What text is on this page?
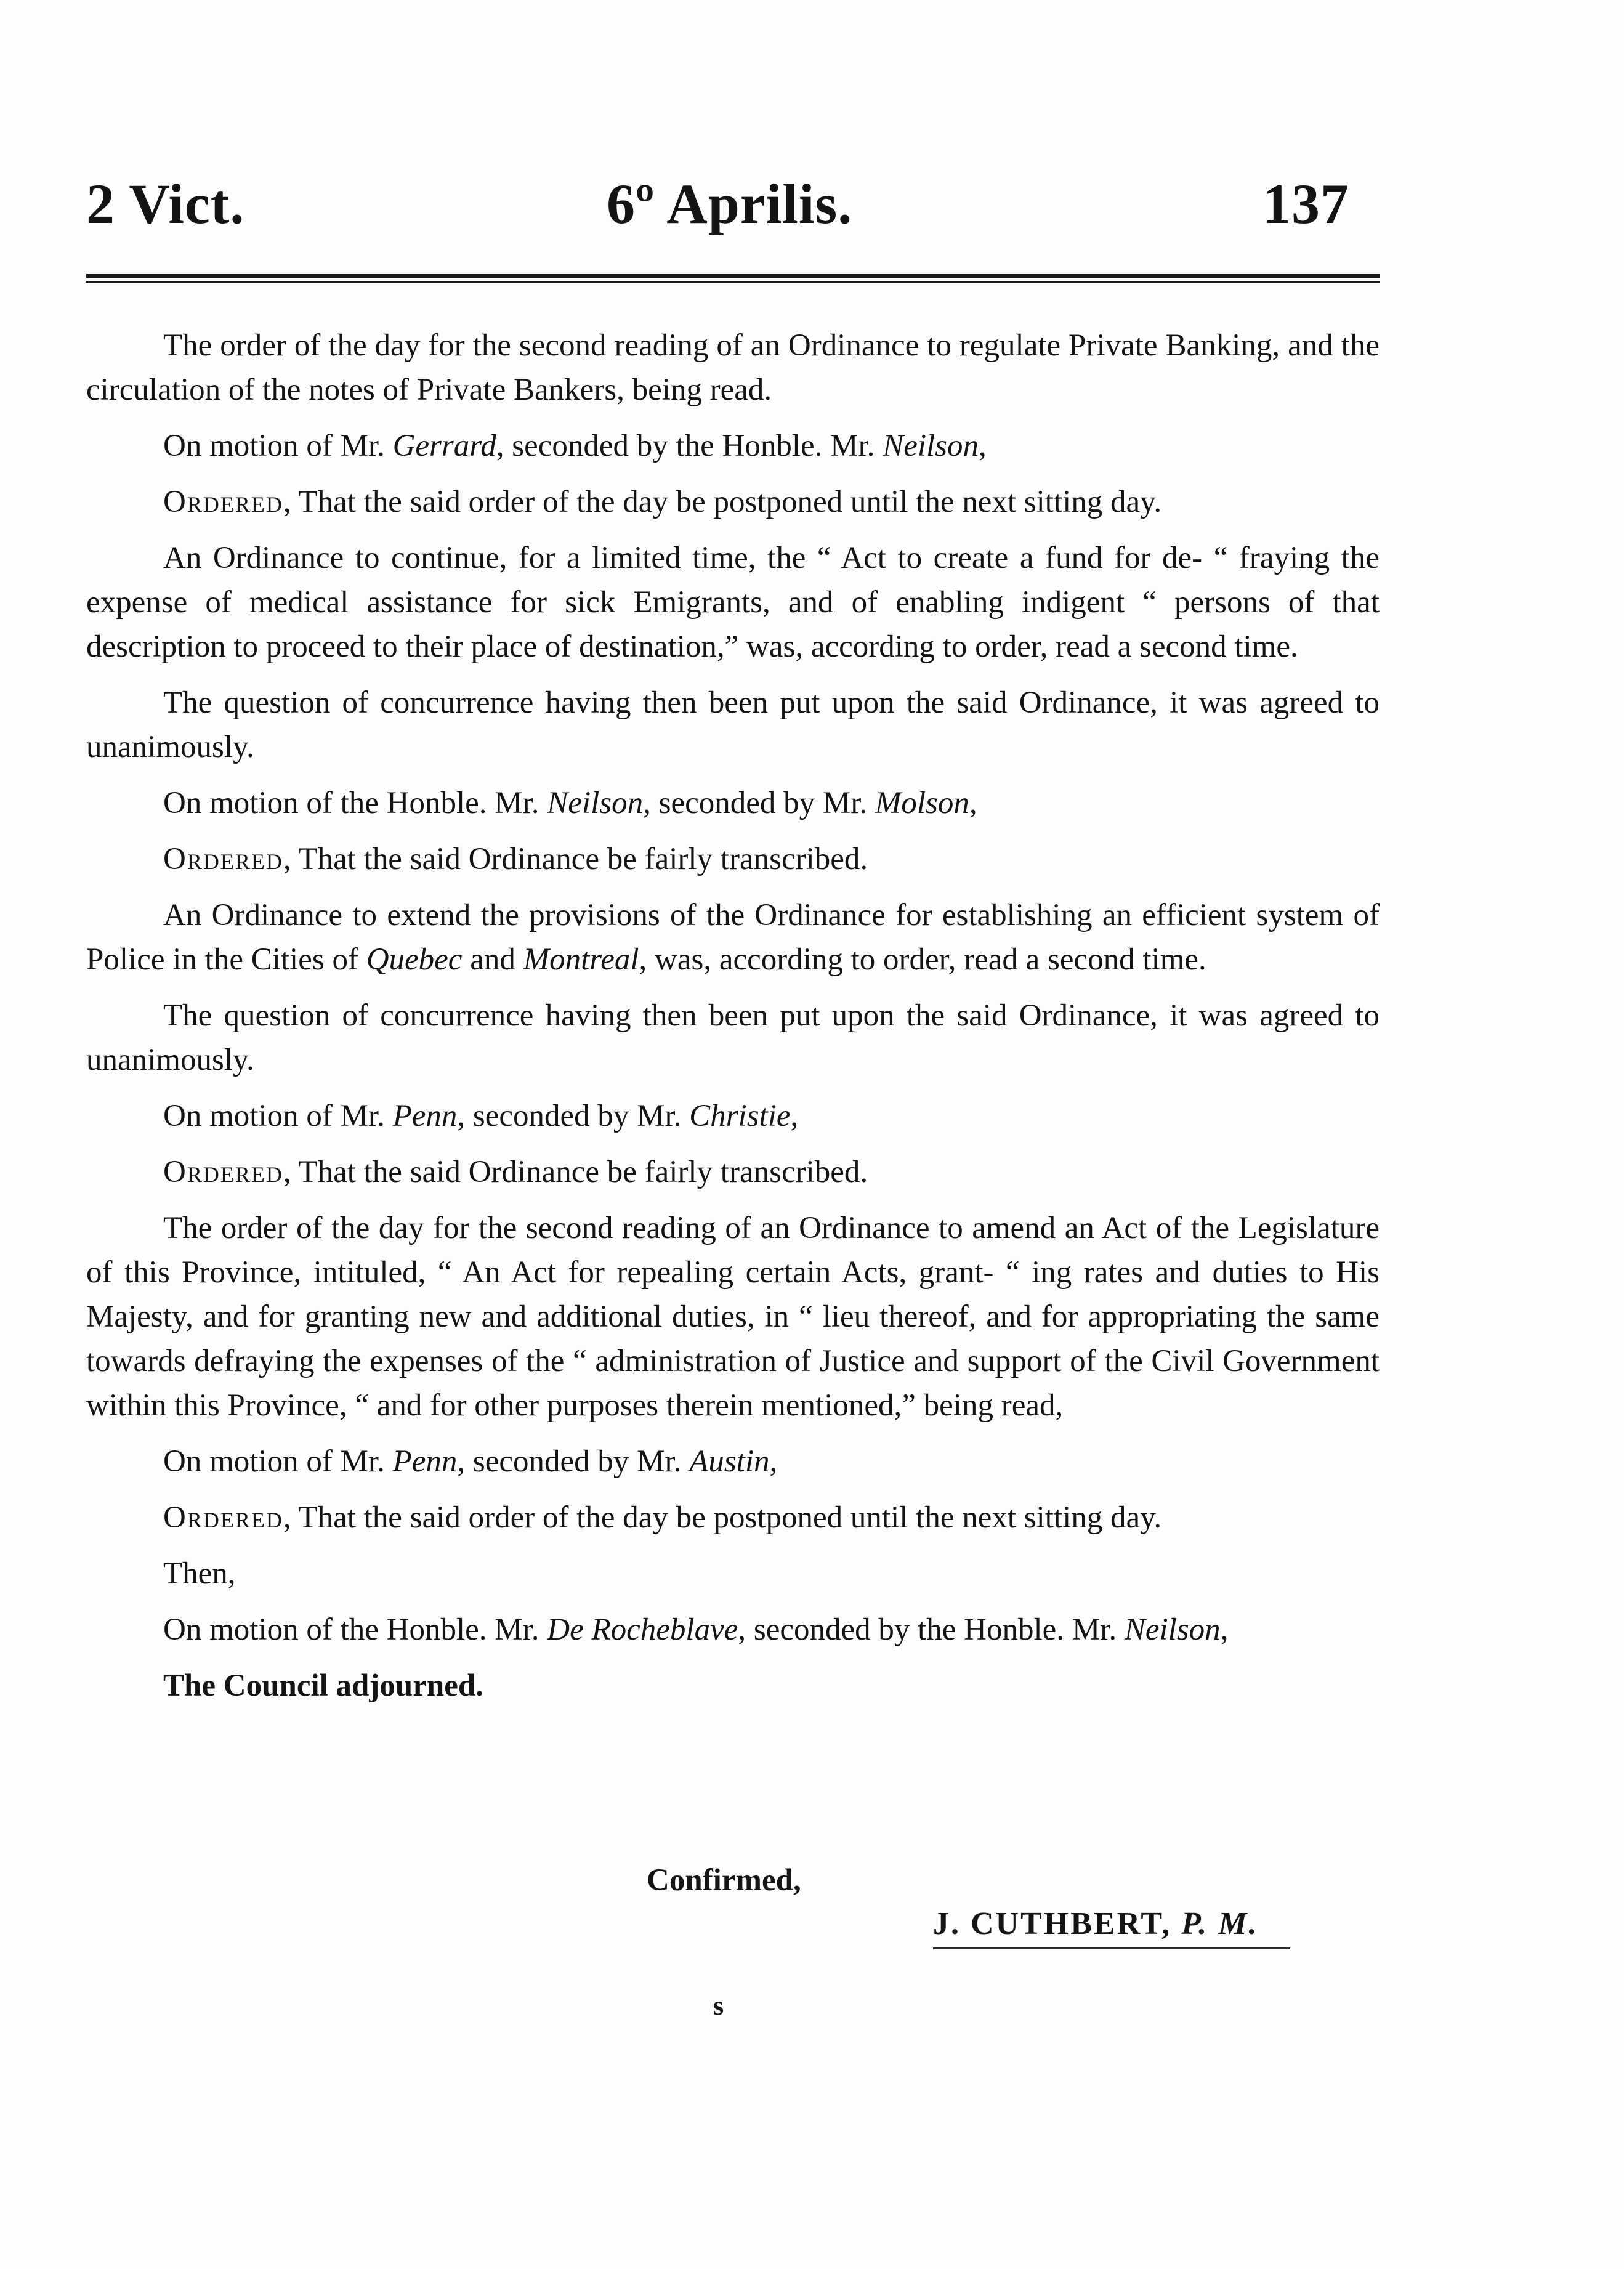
2 Vict.	6º Aprilis.	137

The order of the day for the second reading of an Ordinance to regulate Private Banking, and the circulation of the notes of Private Bankers, being read.

On motion of Mr. Gerrard, seconded by the Honble. Mr. Neilson,

Ordered, That the said order of the day be postponed until the next sitting day.

An Ordinance to continue, for a limited time, the “ Act to create a fund for de- “ fraying the expense of medical assistance for sick Emigrants, and of enabling indigent “ persons of that description to proceed to their place of destination,” was, according to order, read a second time.

The question of concurrence having then been put upon the said Ordinance, it was agreed to unanimously.

On motion of the Honble. Mr. Neilson, seconded by Mr. Molson,

Ordered, That the said Ordinance be fairly transcribed.

An Ordinance to extend the provisions of the Ordinance for establishing an efficient system of Police in the Cities of Quebec and Montreal, was, according to order, read a second time.

The question of concurrence having then been put upon the said Ordinance, it was agreed to unanimously.

On motion of Mr. Penn, seconded by Mr. Christie,

Ordered, That the said Ordinance be fairly transcribed.

The order of the day for the second reading of an Ordinance to amend an Act of the Legislature of this Province, intituled, “ An Act for repealing certain Acts, grant- “ ing rates and duties to His Majesty, and for granting new and additional duties, in “ lieu thereof, and for appropriating the same towards defraying the expenses of the “ administration of Justice and support of the Civil Government within this Province, “ and for other purposes therein mentioned,” being read,

On motion of Mr. Penn, seconded by Mr. Austin,

Ordered, That the said order of the day be postponed until the next sitting day.

Then,

On motion of the Honble. Mr. De Rocheblave, seconded by the Honble. Mr. Neilson,

The Council adjourned.

Confirmed,
J. CUTHBERT, P. M.
s
